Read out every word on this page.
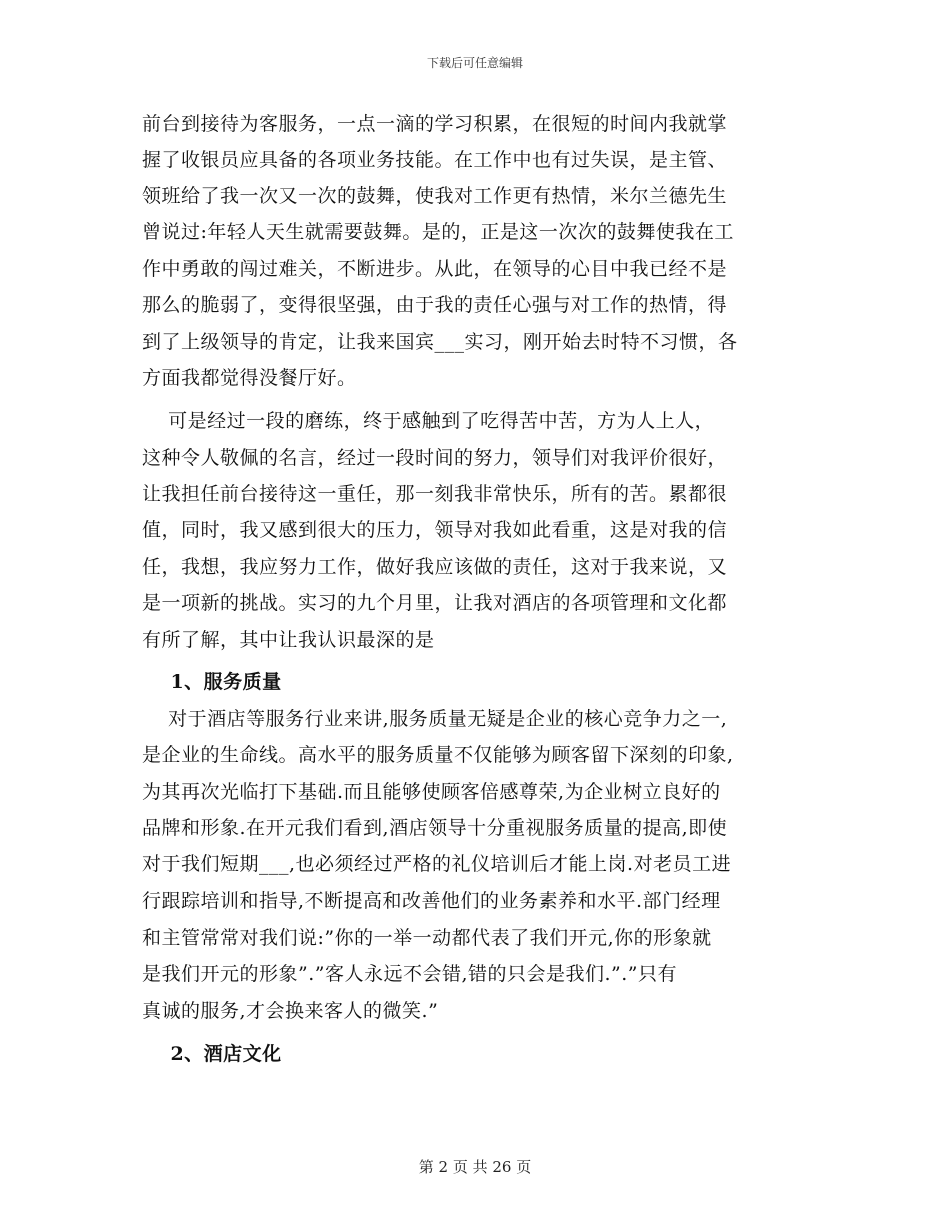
下载后可任意编辑
前台到接待为客服务，一点一滴的学习积累，在很短的时间内我就掌
握了收银员应具备的各项业务技能。在工作中也有过失误，是主管、
领班给了我一次又一次的鼓舞，使我对工作更有热情，米尔兰德先生
曾说过:年轻人天生就需要鼓舞。是的，正是这一次次的鼓舞使我在工
作中勇敢的闯过难关，不断进步。从此，在领导的心目中我已经不是
那么的脆弱了，变得很坚强，由于我的责任心强与对工作的热情，得
到了上级领导的肯定，让我来国宾___实习，刚开始去时特不习惯，各
方面我都觉得没餐厅好。
可是经过一段的磨练，终于感触到了吃得苦中苦，方为人上人，
这种令人敬佩的名言，经过一段时间的努力，领导们对我评价很好，
让我担任前台接待这一重任，那一刻我非常快乐，所有的苦。累都很
值，同时，我又感到很大的压力，领导对我如此看重，这是对我的信
任，我想，我应努力工作，做好我应该做的责任，这对于我来说，又
是一项新的挑战。实习的九个月里，让我对酒店的各项管理和文化都
有所了解，其中让我认识最深的是
1、服务质量
对于酒店等服务行业来讲,服务质量无疑是企业的核心竞争力之一,
是企业的生命线。高水平的服务质量不仅能够为顾客留下深刻的印象,
为其再次光临打下基础.而且能够使顾客倍感尊荣,为企业树立良好的
品牌和形象.在开元我们看到,酒店领导十分重视服务质量的提高,即使
对于我们短期___,也必须经过严格的礼仪培训后才能上岗.对老员工进
行跟踪培训和指导,不断提高和改善他们的业务素养和水平.部门经理
和主管常常对我们说:”你的一举一动都代表了我们开元,你的形象就
是我们开元的形象”.”客人永远不会错,错的只会是我们.”.”只有
真诚的服务,才会换来客人的微笑.”
2、酒店文化
第 2 页 共 26 页
